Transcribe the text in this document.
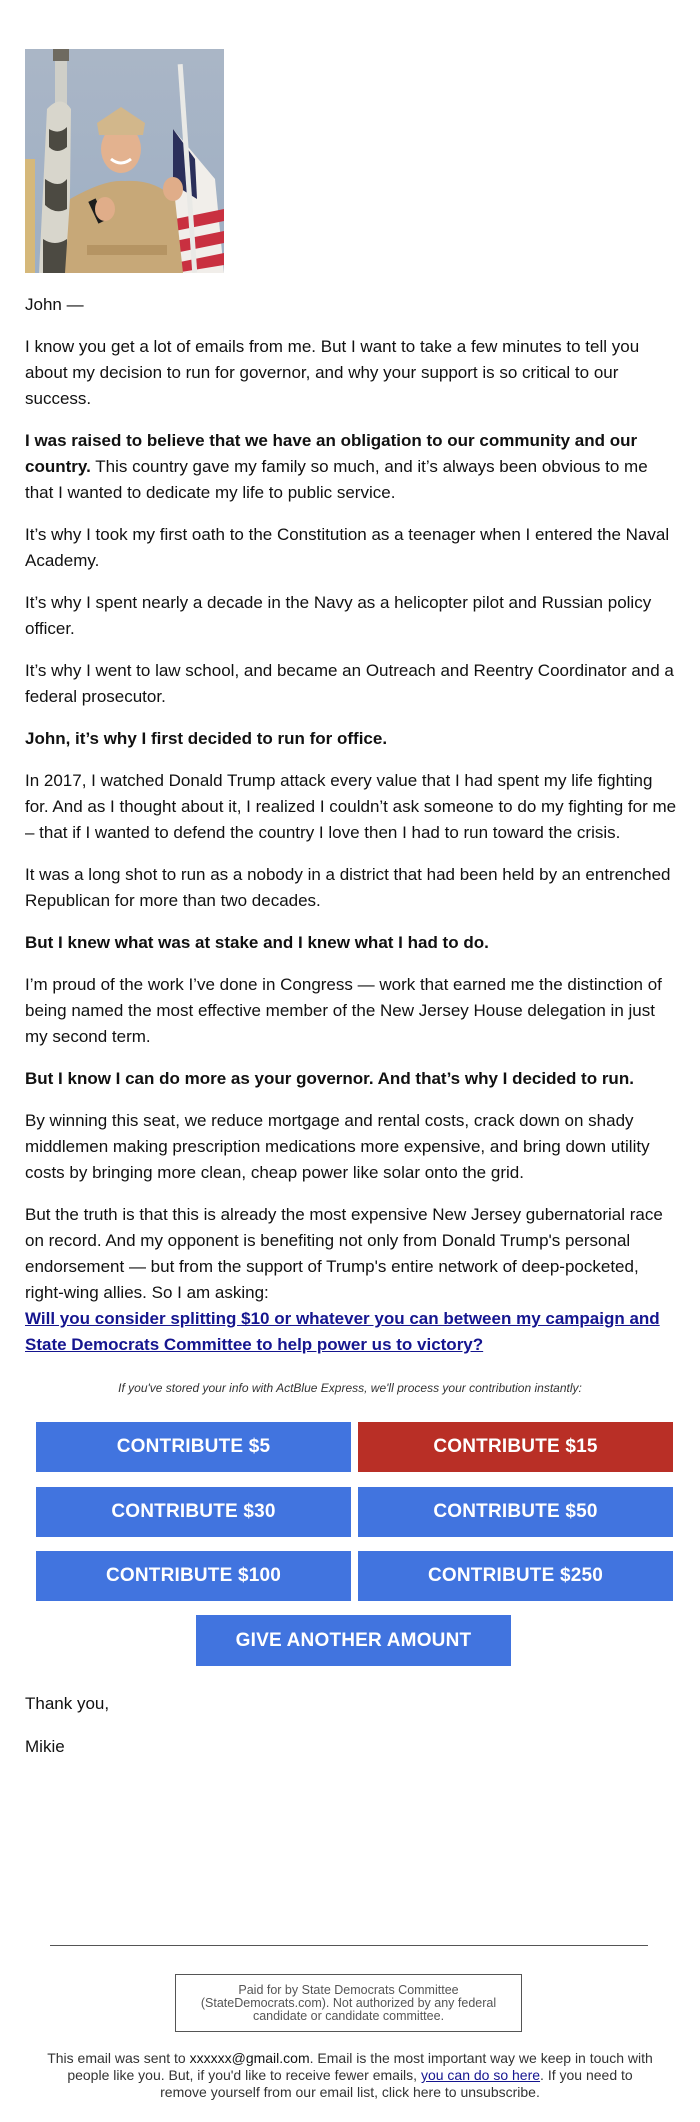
John —

I know you get a lot of emails from me. But I want to take a few minutes to tell you about my decision to run for governor, and why your support is so critical to our success.

I was raised to believe that we have an obligation to our community and our country. This country gave my family so much, and it’s always been obvious to me that I wanted to dedicate my life to public service.

It’s why I took my first oath to the Constitution as a teenager when I entered the Naval Academy.

It’s why I spent nearly a decade in the Navy as a helicopter pilot and Russian policy officer.

It’s why I went to law school, and became an Outreach and Reentry Coordinator and a federal prosecutor.

John, it’s why I first decided to run for office.

In 2017, I watched Donald Trump attack every value that I had spent my life fighting for. And as I thought about it, I realized I couldn’t ask someone to do my fighting for me – that if I wanted to defend the country I love then I had to run toward the crisis.

It was a long shot to run as a nobody in a district that had been held by an entrenched Republican for more than two decades.

But I knew what was at stake and I knew what I had to do.

I’m proud of the work I’ve done in Congress — work that earned me the distinction of being named the most effective member of the New Jersey House delegation in just my second term.

But I know I can do more as your governor. And that’s why I decided to run.

By winning this seat, we reduce mortgage and rental costs, crack down on shady middlemen making prescription medications more expensive, and bring down utility costs by bringing more clean, cheap power like solar onto the grid.

But the truth is that this is already the most expensive New Jersey gubernatorial race on record. And my opponent is benefiting not only from Donald Trump's personal endorsement — but from the support of Trump's entire network of deep-pocketed, right-wing allies. So I am asking:

Will you consider splitting $10 or whatever you can between my campaign and State Democrats Committee to help power us to victory?
If you've stored your info with ActBlue Express, we'll process your contribution instantly:
CONTRIBUTE $5	CONTRIBUTE $15
CONTRIBUTE $30	CONTRIBUTE $50
CONTRIBUTE $100	CONTRIBUTE $250
GIVE ANOTHER AMOUNT
Thank you,
Mikie
Paid for by State Democrats Committee (StateDemocrats.com). Not authorized by any federal candidate or candidate committee.
This email was sent to xxxxxx@gmail.com. Email is the most important way we keep in touch with people like you. But, if you'd like to receive fewer emails, you can do so here. If you need to remove yourself from our email list, click here to unsubscribe.
